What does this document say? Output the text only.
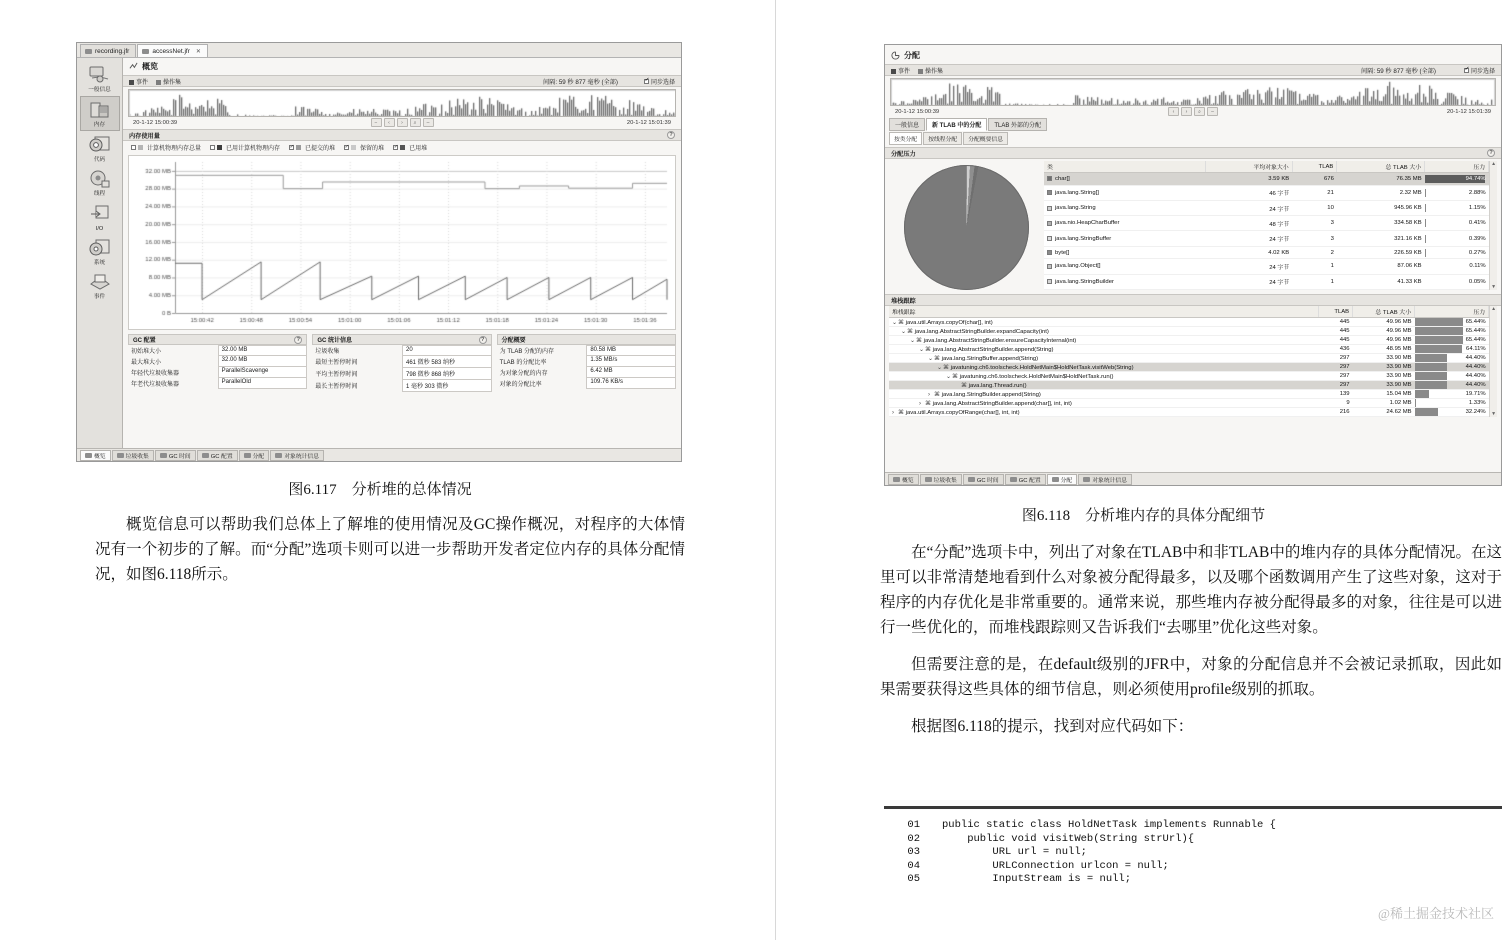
recording.jfr	accessNet.jfr ✕
一般信息
内存
代码
线程
I/O
系统
事件
概览
事件	操作集	间隔: 59 秒 877 毫秒 (全部) ✓	同步选择
20-1-12 15:00:39	−	‹	›	⌕	–	20-1-12 15:01:39
内存使用量	?
计算机物理内存总量	已用计算机物理内存 ✓	已提交的堆 ✓	保留的堆 ✓	已用堆
GC 配置	?
初始堆大小	32.00 MB
最大堆大小	32.00 MB
年轻代垃圾收集器	ParallelScavenge
年老代垃圾收集器	ParallelOld
GC 统计信息	?
垃圾收集	20
最短主暂停时间	461 微秒 583 纳秒
平均主暂停时间	798 微秒 868 纳秒
最长主暂停时间	1 毫秒 303 微秒
分配概要
为 TLAB 分配的内存	80.58 MB
TLAB 的分配比率	1.35 MB/s
为对象分配的内存	6.42 MB
对象的分配比率	109.76 KB/s
概览	垃圾收集	GC 时间	GC 配置	分配	对象统计信息
图6.117　分析堆的总体情况

概览信息可以帮助我们总体上了解堆的使用情况及GC操作概况，对程序的大体情况有一个初步的了解。而“分配”选项卡则可以进一步帮助开发者定位内存的具体分配情况，如图6.118所示。

分配
事件	操作集	间隔: 59 秒 877 毫秒 (全部) ✓	同步选择
20-1-12 15:00:39	‹	›	⌕	–	20-1-12 15:01:39
一般信息	新 TLAB 中的分配	TLAB 外部的分配
按类分配	按线程分配	分配概要信息
分配压力	?
类	平均对象大小	TLAB	总 TLAB 大小	压力

char[]	3.59 KB	676	76.35 MB	94.74%

java.lang.String[]	46 字节	21	2.32 MB	2.88%

java.lang.String	24 字节	10	945.96 KB	1.15%

java.nio.HeapCharBuffer	48 字节	3	334.58 KB	0.41%

java.lang.StringBuffer	24 字节	3	321.16 KB	0.39%

byte[]	4.02 KB	2	226.59 KB	0.27%

java.lang.Object[]	24 字节	1	87.06 KB	0.11%

java.lang.StringBuilder	24 字节	1	41.33 KB	0.05%
▲
▼
堆栈跟踪
堆栈跟踪	TLAB	总 TLAB 大小	压力
⌄⌘ java.util.Arrays.copyOf(char[], int)	445	49.96 MB	65.44%

⌄⌘ java.lang.AbstractStringBuilder.expandCapacity(int)	445	49.96 MB	65.44%

⌄⌘ java.lang.AbstractStringBuilder.ensureCapacityInternal(int)	445	49.96 MB	65.44%

⌄⌘ java.lang.AbstractStringBuilder.append(String)	436	48.95 MB	64.11%

⌄⌘ java.lang.StringBuffer.append(String)	297	33.90 MB	44.40%

⌄⌘ javatuning.ch6.toolscheck.HoldNetMain$HoldNetTask.visitWeb(String)	297	33.90 MB	44.40%

⌄⌘ javatuning.ch6.toolscheck.HoldNetMain$HoldNetTask.run()	297	33.90 MB	44.40%

⌘ java.lang.Thread.run()	297	33.90 MB	44.40%

› ⌘ java.lang.StringBuilder.append(String)	139	15.04 MB	19.71%

› ⌘ java.lang.AbstractStringBuilder.append(char[], int, int)	9	1.02 MB	1.33%

› ⌘ java.util.Arrays.copyOfRange(char[], int, int)	216	24.62 MB	32.24%
▲
▼
概览	垃圾收集	GC 时间	GC 配置	分配	对象统计信息
图6.118　分析堆内存的具体分配细节

在“分配”选项卡中，列出了对象在TLAB中和非TLAB中的堆内存的具体分配情况。在这里可以非常清楚地看到什么对象被分配得最多，以及哪个函数调用产生了这些对象，这对于程序的内存优化是非常重要的。通常来说，那些堆内存被分配得最多的对象，往往是可以进行一些优化的，而堆栈跟踪则又告诉我们“去哪里”优化这些对象。

但需要注意的是，在default级别的JFR中，对象的分配信息并不会被记录抓取，因此如果需要获得这些具体的细节信息，则必须使用profile级别的抓取。

根据图6.118的提示，找到对应代码如下：

01	public static class HoldNetTask implements Runnable {
02	public void visitWeb(String strUrl){
03	URL url = null;
04	URLConnection urlcon = null;
05	InputStream is = null;
@稀土掘金技术社区
